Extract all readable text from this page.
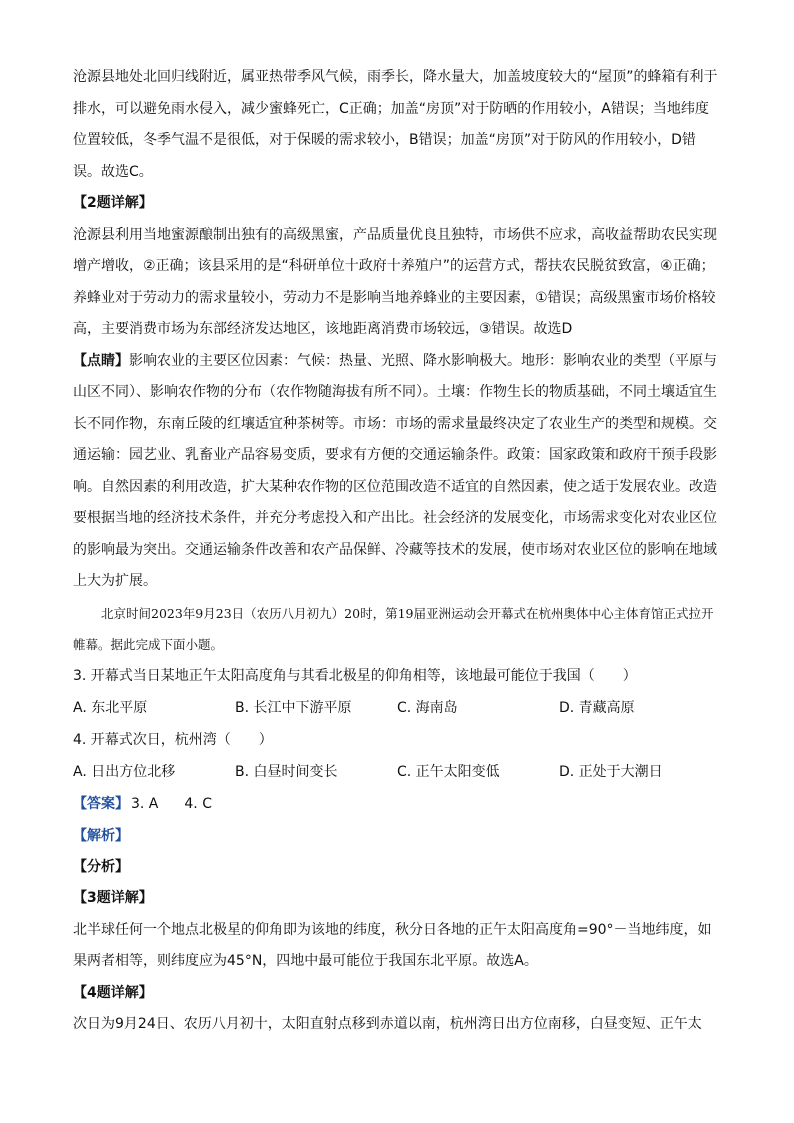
沧源县地处北回归线附近，属亚热带季风气候，雨季长，降水量大，加盖坡度较大的“屋顶”的蜂箱有利于排水，可以避免雨水侵入，减少蜜蜂死亡，C正确；加盖“房顶”对于防晒的作用较小，A错误；当地纬度位置较低，冬季气温不是很低，对于保暖的需求较小，B错误；加盖“房顶”对于防风的作用较小，D错误。故选C。

【2题详解】

沧源县利用当地蜜源酿制出独有的高级黑蜜，产品质量优良且独特，市场供不应求，高收益帮助农民实现增产增收，②正确；该县采用的是“科研单位十政府十养殖户”的运营方式，帮扶农民脱贫致富，④正确；养蜂业对于劳动力的需求量较小，劳动力不是影响当地养蜂业的主要因素，①错误；高级黑蜜市场价格较高，主要消费市场为东部经济发达地区，该地距离消费市场较远，③错误。故选D

【点睛】影响农业的主要区位因素：气候：热量、光照、降水影响极大。地形：影响农业的类型（平原与山区不同）、影响农作物的分布（农作物随海拔有所不同）。土壤：作物生长的物质基础，不同土壤适宜生长不同作物，东南丘陵的红壤适宜种茶树等。市场：市场的需求量最终决定了农业生产的类型和规模。交通运输：园艺业、乳畜业产品容易变质，要求有方便的交通运输条件。政策：国家政策和政府干预手段影响。自然因素的利用改造，扩大某种农作物的区位范围改造不适宜的自然因素，使之适于发展农业。改造要根据当地的经济技术条件，并充分考虑投入和产出比。社会经济的发展变化，市场需求变化对农业区位的影响最为突出。交通运输条件改善和农产品保鲜、冷藏等技术的发展，使市场对农业区位的影响在地域上大为扩展。

北京时间2023年9月23日（农历八月初九）20时，第19届亚洲运动会开幕式在杭州奥体中心主体育馆正式拉开帷幕。据此完成下面小题。

3. 开幕式当日某地正午太阳高度角与其看北极星的仰角相等，该地最可能位于我国（　　）

A. 东北平原	B. 长江中下游平原	C. 海南岛	D. 青藏高原

4. 开幕式次日，杭州湾（　　）

A. 日出方位北移	B. 白昼时间变长	C. 正午太阳变低	D. 正处于大潮日

【答案】 3. A 4. C

【解析】

【分析】

【3题详解】

北半球任何一个地点北极星的仰角即为该地的纬度，秋分日各地的正午太阳高度角=90°－当地纬度，如果两者相等，则纬度应为45°N，四地中最可能位于我国东北平原。故选A。

【4题详解】

次日为9月24日、农历八月初十，太阳直射点移到赤道以南，杭州湾日出方位南移，白昼变短、正午太
